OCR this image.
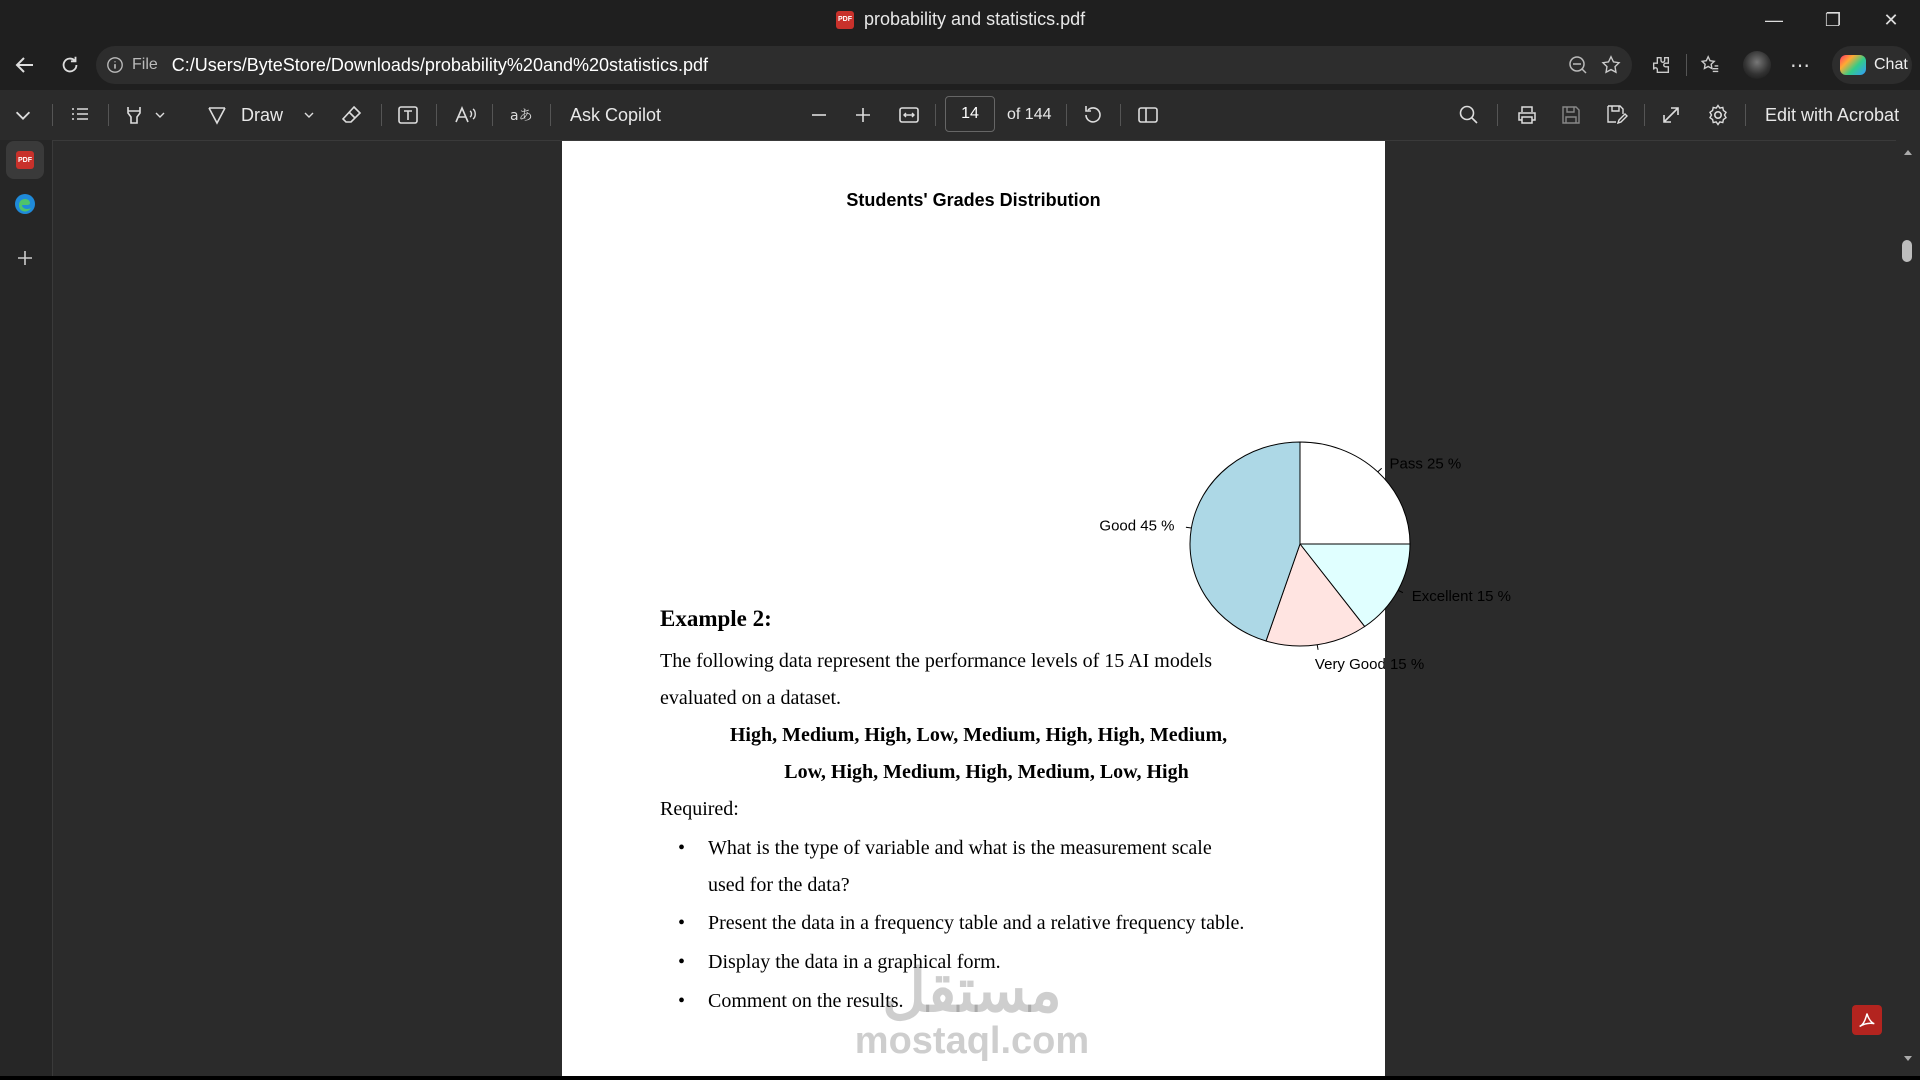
PDF probability and statistics.pdf	— ❐ ✕
File C:/Users/ByteStore/Downloads/probability%20and%20statistics.pdf	⋯	Chat
Draw	aあ Ask Copilot	14	of 144	Edit with Acrobat
PDF
Students' Grades Distribution
Pass 25 %
Excellent 15 %
Very Good 15 %
Good 45 %
Example 2:
The following data represent the performance levels of 15 AI models
evaluated on a dataset.
High, Medium, High, Low, Medium, High, High, Medium,
Low, High, Medium, High, Medium, Low, High
Required:
• What is the type of variable and what is the measurement scale
used for the data?
• Present the data in a frequency table and a relative frequency table.
• Display the data in a graphical form.
• Comment on the results.
مستقل
mostaql.com
